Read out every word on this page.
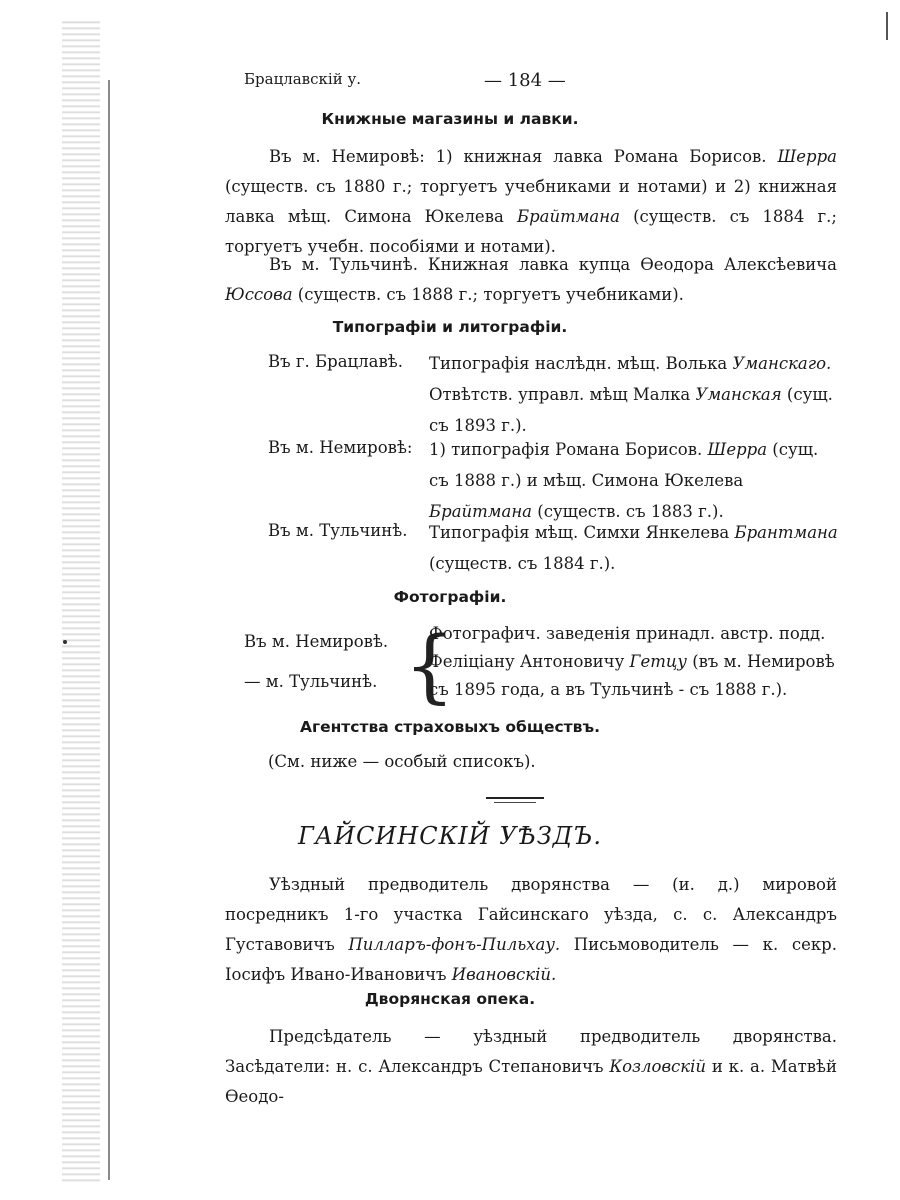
Брацлавскій у.	— 184 —
Книжные магазины и лавки.

Въ м. Немировѣ: 1) книжная лавка Романа Борисов. Шерра (существ. съ 1880 г.; торгуетъ учебниками и нотами) и 2) книжная лавка мѣщ. Симона Юкелева Брайтмана (существ. съ 1884 г.; торгуетъ учебн. пособіями и нотами).

Въ м. Тульчинѣ. Книжная лавка купца Ѳеодора Алексѣевича Юссова (существ. съ 1888 г.; торгуетъ учебниками).

Типографіи и литографіи.
Въ г. Брацлавѣ. Типографія наслѣдн. мѣщ. Волька Уманскаго. Отвѣтств. управл. мѣщ Малка Уманская (сущ. съ 1893 г.).

Въ м. Немировѣ: 1) типографія Романа Борисов. Шерра (сущ. съ 1888 г.) и мѣщ. Симона Юкелева Брайтмана (существ. съ 1883 г.).

Въ м. Тульчинѣ. Типографія мѣщ. Симхи Янкелева Брантмана (существ. съ 1884 г.).

Фотографіи.
Въ м. Немировѣ.
— м. Тульчинѣ. {
Фотографич. заведенія принадл. австр. подд.
Феліціану Антоновичу Гетцу (въ м. Немировѣ
съ 1895 года, а въ Тульчинѣ - съ 1888 г.).
Агентства страховыхъ обществъ.
(См. ниже — особый списокъ).
ГАЙСИНСКІЙ УѢЗДЪ.

Уѣздный предводитель дворянства — (и. д.) мировой посредникъ 1-го участка Гайсинскаго уѣзда, с. с. Александръ Густавовичъ Пилларъ-фонъ-Пильхау. Письмоводитель — к. секр. Іосифъ Ивано-Ивановичъ Ивановскій.

Дворянская опека.

Предсѣдатель — уѣздный предводитель дворянства. Засѣдатели: н. с. Александръ Степановичъ Козловскій и к. а. Матвѣй Ѳеодо-
